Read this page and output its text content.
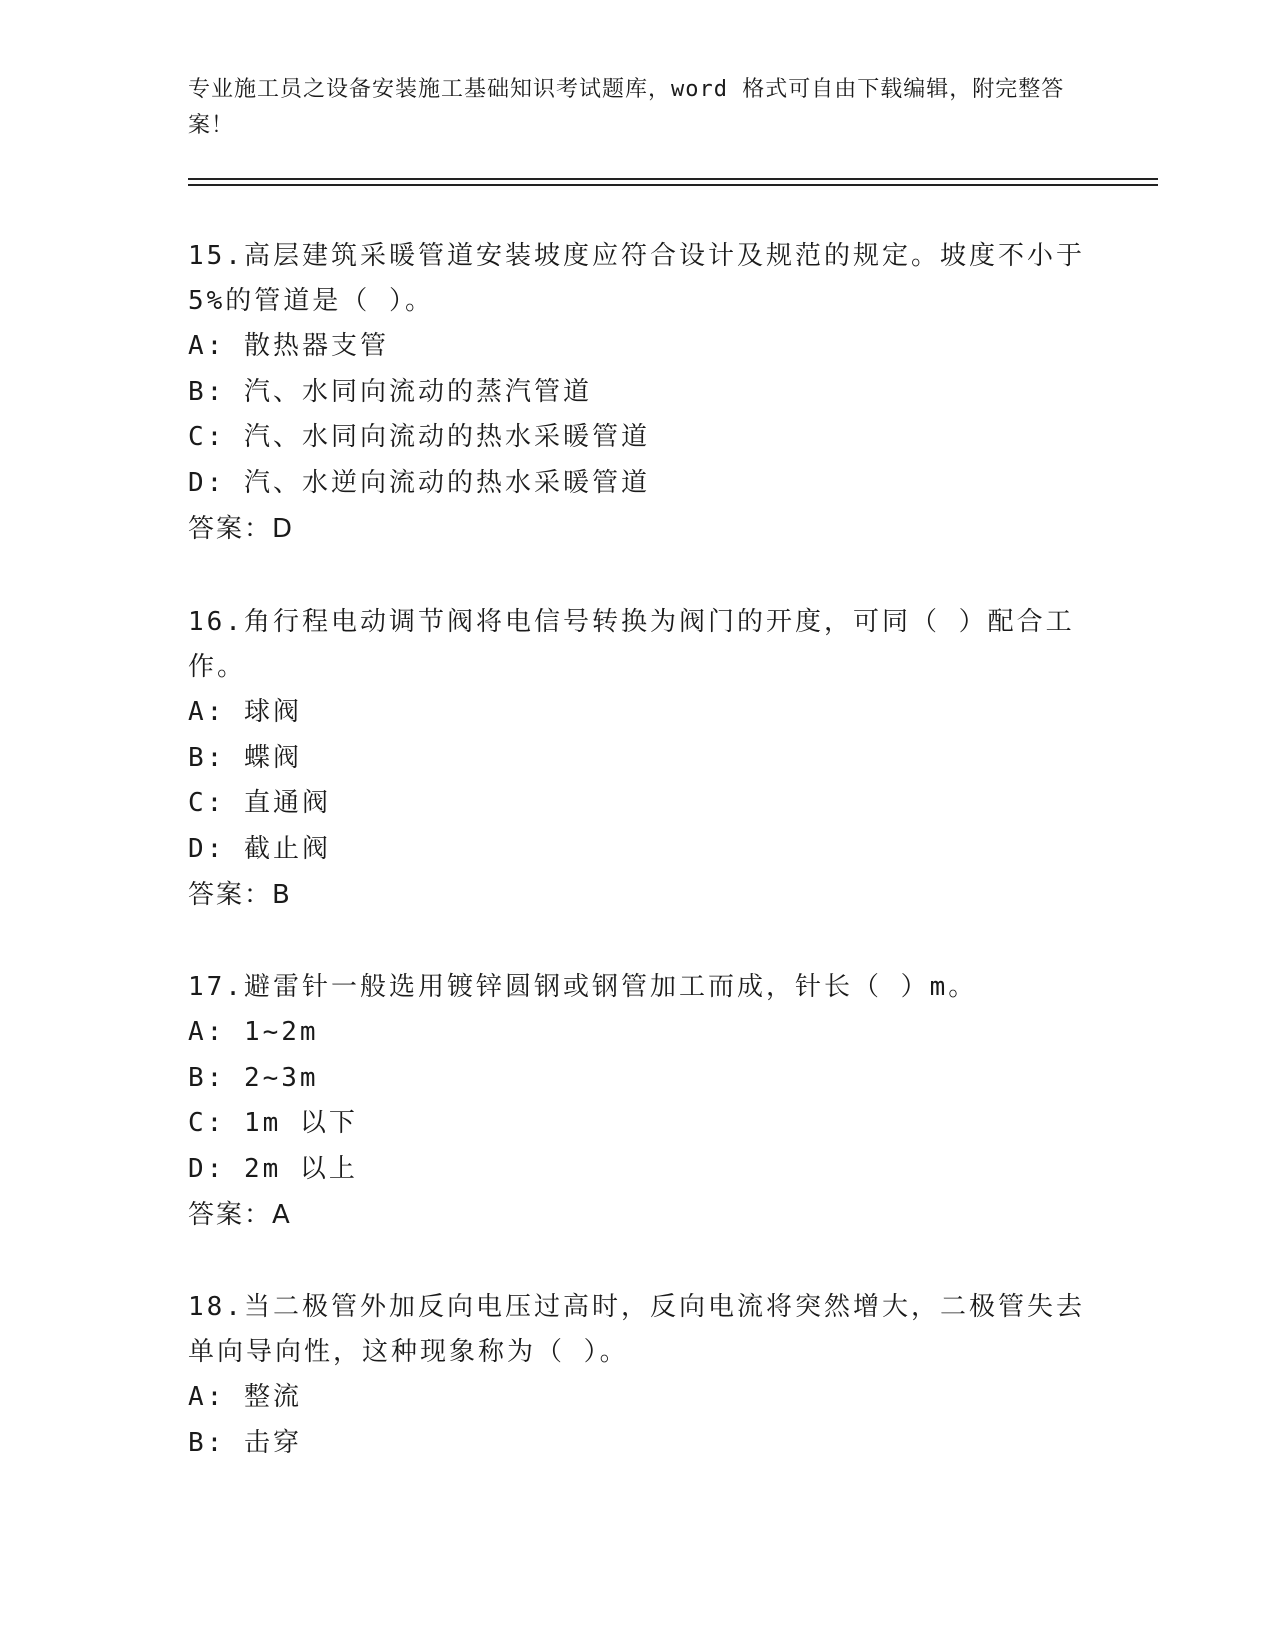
专业施工员之设备安装施工基础知识考试题库，word 格式可自由下载编辑，附完整答案！

15.高层建筑采暖管道安装坡度应符合设计及规范的规定。坡度不小于5%的管道是（ ）。

A: 散热器支管

B: 汽、水同向流动的蒸汽管道

C: 汽、水同向流动的热水采暖管道

D: 汽、水逆向流动的热水采暖管道

答案：D

16.角行程电动调节阀将电信号转换为阀门的开度，可同（ ）配合工作。

A: 球阀

B: 蝶阀

C: 直通阀

D: 截止阀

答案：B

17.避雷针一般选用镀锌圆钢或钢管加工而成，针长（ ）m。

A: 1~2m

B: 2~3m

C: 1m 以下

D: 2m 以上

答案：A

18.当二极管外加反向电压过高时，反向电流将突然增大，二极管失去单向导向性，这种现象称为（ ）。

A: 整流

B: 击穿
